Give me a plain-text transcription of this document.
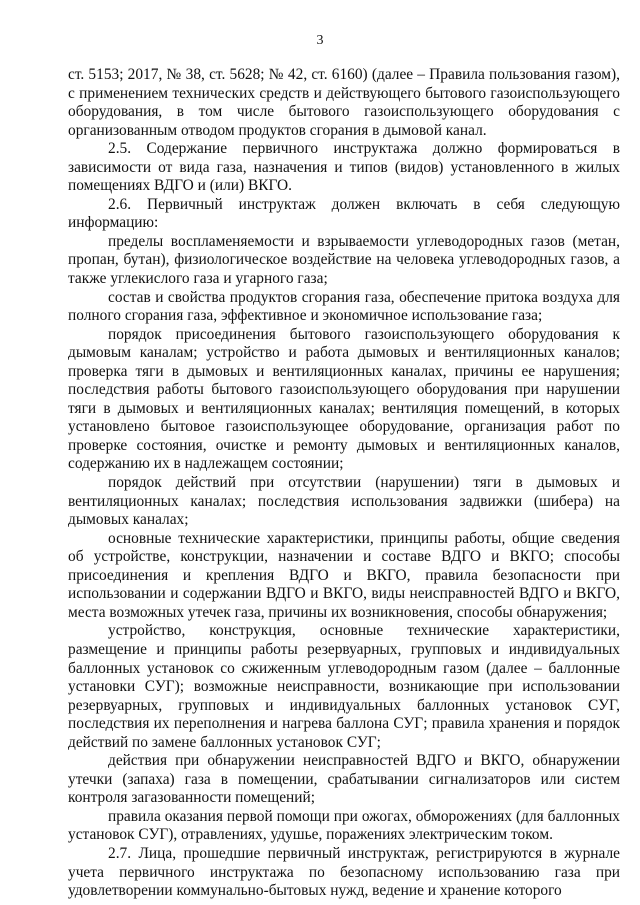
3

ст. 5153; 2017, № 38, ст. 5628; № 42, ст. 6160) (далее – Правила пользования газом), с применением технических средств и действующего бытового газоиспользующего оборудования, в том числе бытового газоиспользующего оборудования с организованным отводом продуктов сгорания в дымовой канал.

2.5. Содержание первичного инструктажа должно формироваться в зависимости от вида газа, назначения и типов (видов) установленного в жилых помещениях ВДГО и (или) ВКГО.

2.6. Первичный инструктаж должен включать в себя следующую информацию:

пределы воспламеняемости и взрываемости углеводородных газов (метан, пропан, бутан), физиологическое воздействие на человека углеводородных газов, а также углекислого газа и угарного газа;

состав и свойства продуктов сгорания газа, обеспечение притока воздуха для полного сгорания газа, эффективное и экономичное использование газа;

порядок присоединения бытового газоиспользующего оборудования к дымовым каналам; устройство и работа дымовых и вентиляционных каналов; проверка тяги в дымовых и вентиляционных каналах, причины ее нарушения; последствия работы бытового газоиспользующего оборудования при нарушении тяги в дымовых и вентиляционных каналах; вентиляция помещений, в которых установлено бытовое газоиспользующее оборудование, организация работ по проверке состояния, очистке и ремонту дымовых и вентиляционных каналов, содержанию их в надлежащем состоянии;

порядок действий при отсутствии (нарушении) тяги в дымовых и вентиляционных каналах; последствия использования задвижки (шибера) на дымовых каналах;

основные технические характеристики, принципы работы, общие сведения об устройстве, конструкции, назначении и составе ВДГО и ВКГО; способы присоединения и крепления ВДГО и ВКГО, правила безопасности при использовании и содержании ВДГО и ВКГО, виды неисправностей ВДГО и ВКГО, места возможных утечек газа, причины их возникновения, способы обнаружения;

устройство, конструкция, основные технические характеристики, размещение и принципы работы резервуарных, групповых и индивидуальных баллонных установок со сжиженным углеводородным газом (далее – баллонные установки СУГ); возможные неисправности, возникающие при использовании резервуарных, групповых и индивидуальных баллонных установок СУГ, последствия их переполнения и нагрева баллона СУГ; правила хранения и порядок действий по замене баллонных установок СУГ;

действия при обнаружении неисправностей ВДГО и ВКГО, обнаружении утечки (запаха) газа в помещении, срабатывании сигнализаторов или систем контроля загазованности помещений;

правила оказания первой помощи при ожогах, обморожениях (для баллонных установок СУГ), отравлениях, удушье, поражениях электрическим током.

2.7. Лица, прошедшие первичный инструктаж, регистрируются в журнале учета первичного инструктажа по безопасному использованию газа при удовлетворении коммунально-бытовых нужд, ведение и хранение которого
